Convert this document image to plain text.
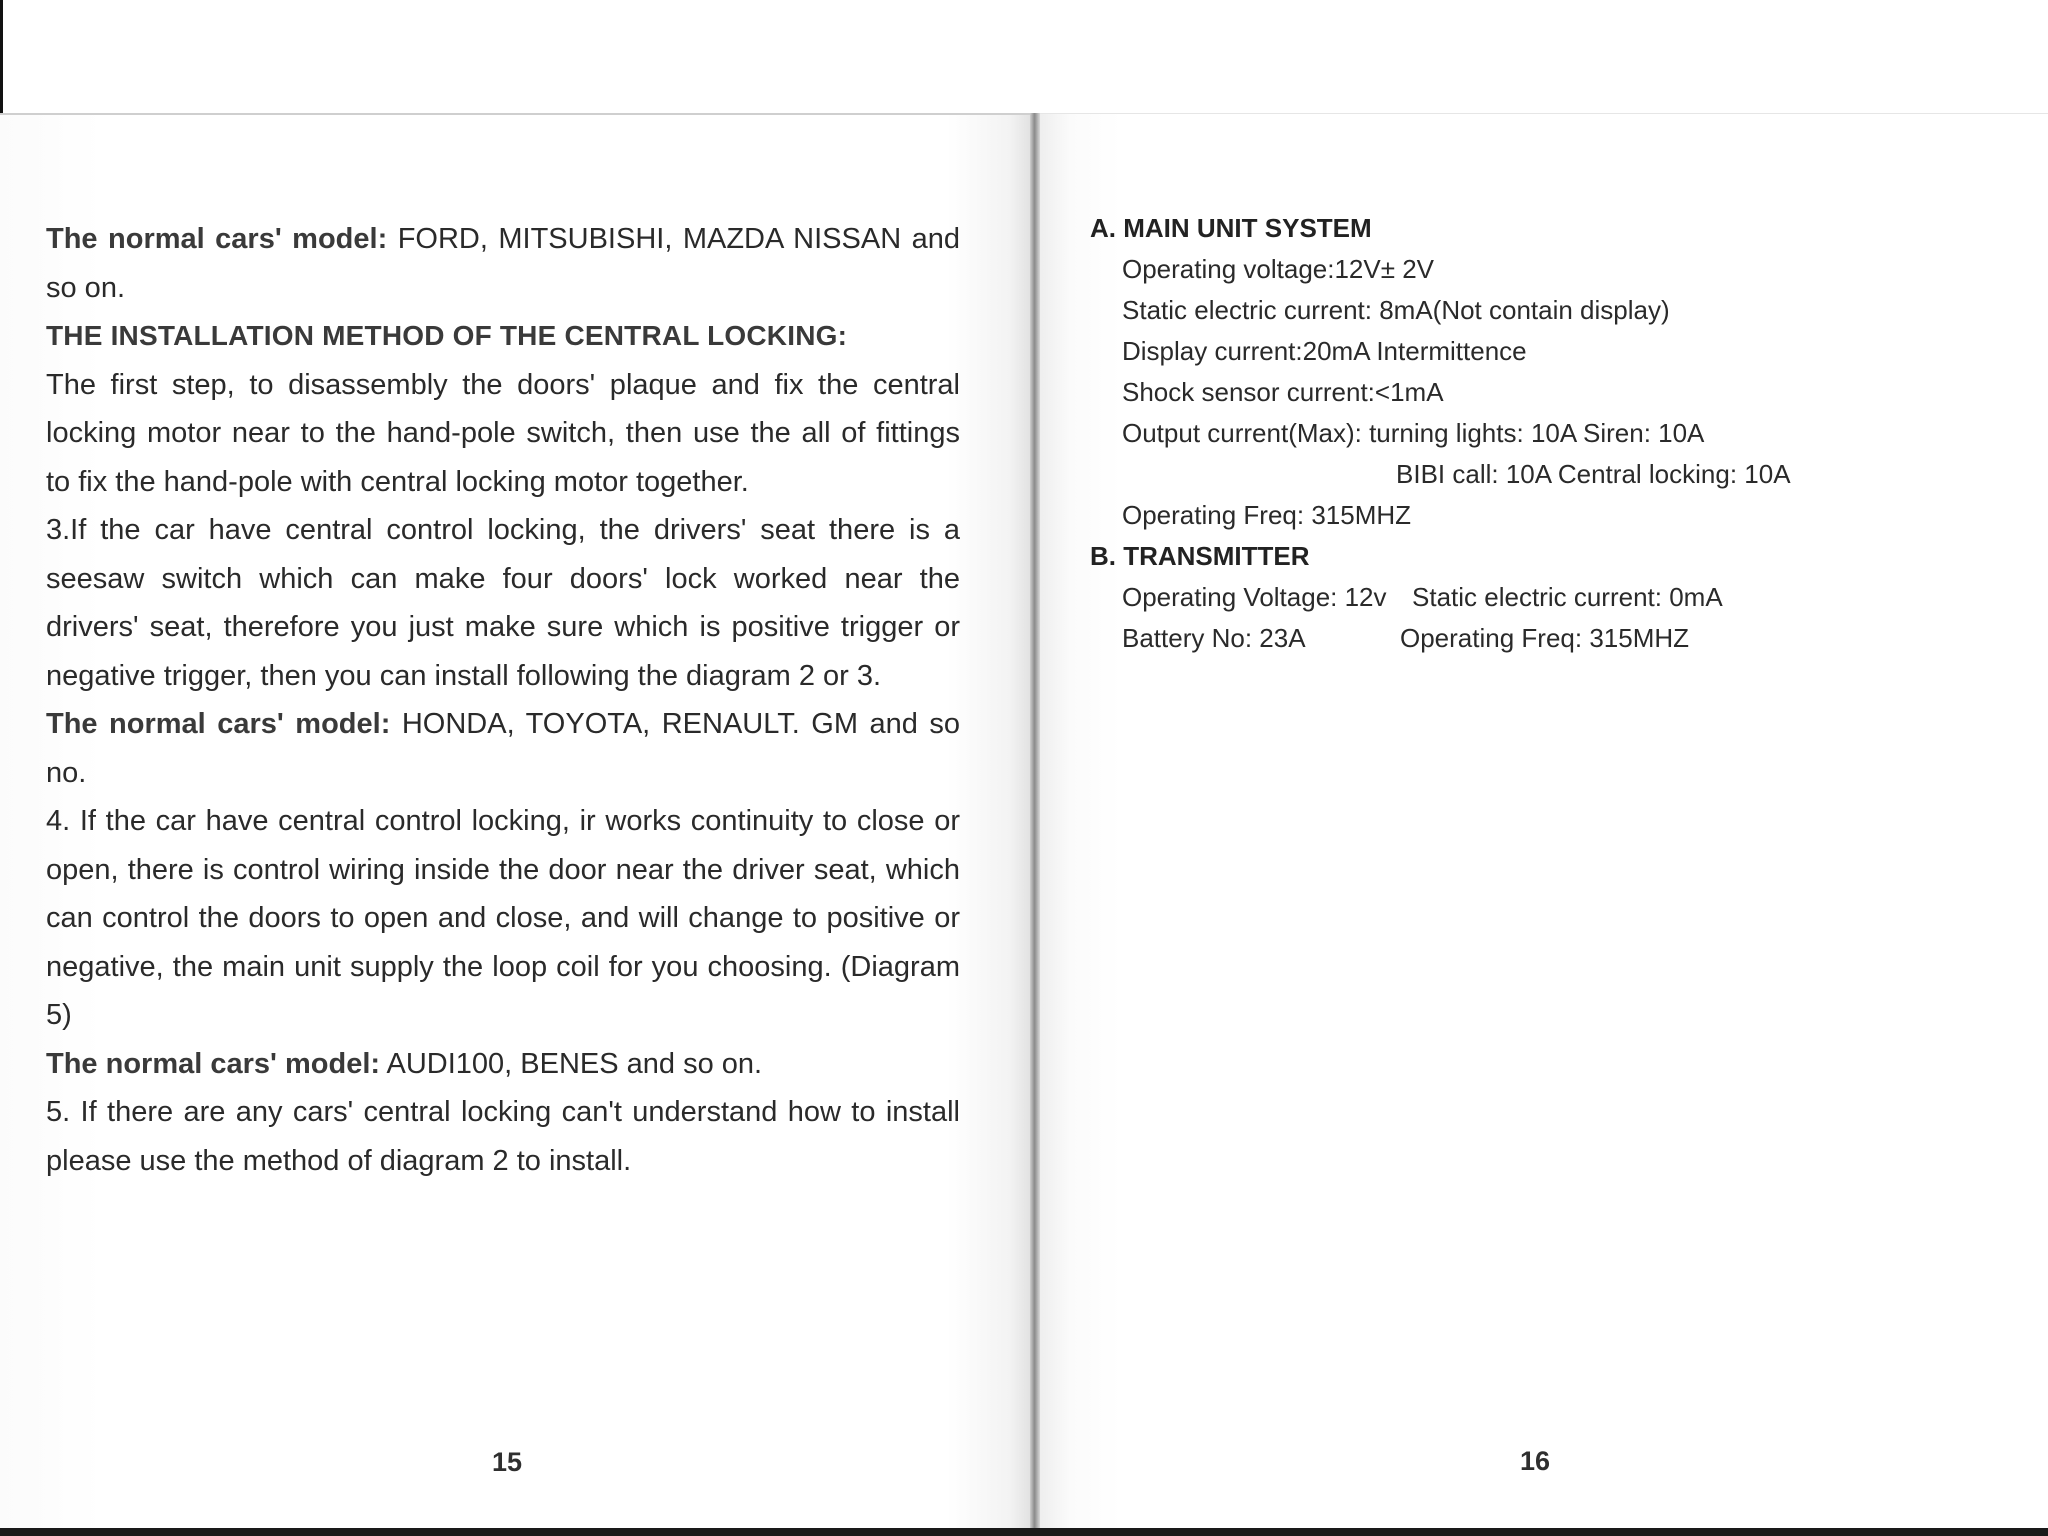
The normal cars' model: FORD, MITSUBISHI, MAZDA NISSAN and so on.

THE INSTALLATION METHOD OF THE CENTRAL LOCKING:

The first step, to disassembly the doors' plaque and fix the central locking motor near to the hand-pole switch, then use the all of fittings to fix the hand-pole with central locking motor together.

3.If the car have central control locking, the drivers' seat there is a seesaw switch which can make four doors' lock worked near the drivers' seat, therefore you just make sure which is positive trigger or negative trigger, then you can install following the diagram 2 or 3.

The normal cars' model: HONDA, TOYOTA, RENAULT. GM and so no.

4. If the car have central control locking, ir works continuity to close or open, there is control wiring inside the door near the driver seat, which can control the doors to open and close, and will change to positive or negative, the main unit supply the loop coil for you choosing. (Diagram 5)

The normal cars' model: AUDI100, BENES and so on.

5. If there are any cars' central locking can't understand how to install please use the method of diagram 2 to install.

15
A. MAIN UNIT SYSTEM
Operating voltage:12V± 2V
Static electric current: 8mA(Not contain display)
Display current:20mA Intermittence
Shock sensor current:<1mA
Output current(Max): turning lights: 10A Siren: 10A
BIBI call: 10A Central locking: 10A
Operating Freq: 315MHZ
B. TRANSMITTER
Operating Voltage: 12v Static electric current: 0mA
Battery No: 23A	Operating Freq: 315MHZ
16
